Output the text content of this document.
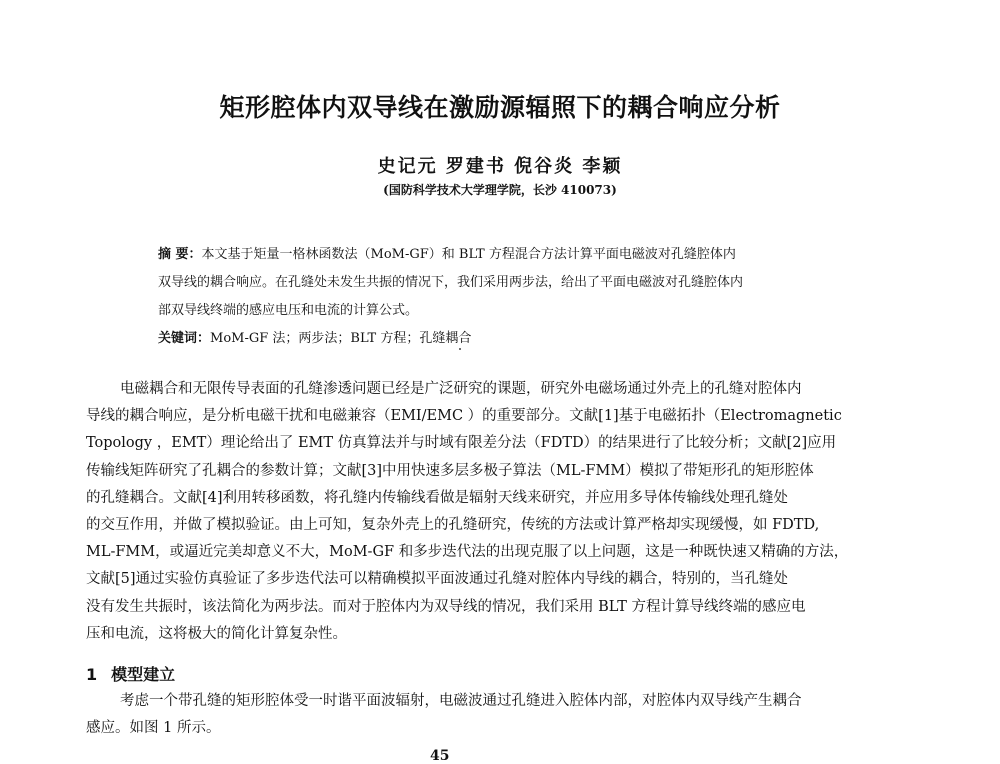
矩形腔体内双导线在激励源辐照下的耦合响应分析
史记元 罗建书 倪谷炎 李颖
(国防科学技术大学理学院，长沙 410073)
摘 要：本文基于矩量一格林函数法（MoM-GF）和 BLT 方程混合方法计算平面电磁波对孔缝腔体内
双导线的耦合响应。在孔缝处未发生共振的情况下，我们采用两步法，给出了平面电磁波对孔缝腔体内
部双导线终端的感应电压和电流的计算公式。
关键词：MoM-GF 法；两步法；BLT 方程；孔缝耦合
电磁耦合和无限传导表面的孔缝渗透问题已经是广泛研究的课题，研究外电磁场通过外壳上的孔缝对腔体内
导线的耦合响应，是分析电磁干扰和电磁兼容（EMI/EMC ）的重要部分。文献[1]基于电磁拓扑（Electromagnetic
Topology ，EMT）理论给出了 EMT 仿真算法并与时域有限差分法（FDTD）的结果进行了比较分析；文献[2]应用
传输线矩阵研究了孔耦合的参数计算；文献[3]中用快速多层多极子算法（ML-FMM）模拟了带矩形孔的矩形腔体
的孔缝耦合。文献[4]利用转移函数，将孔缝内传输线看做是辐射天线来研究，并应用多导体传输线处理孔缝处
的交互作用，并做了模拟验证。由上可知，复杂外壳上的孔缝研究，传统的方法或计算严格却实现缓慢，如 FDTD,
ML-FMM，或逼近完美却意义不大，MoM-GF 和多步迭代法的出现克服了以上问题，这是一种既快速又精确的方法，
文献[5]通过实验仿真验证了多步迭代法可以精确模拟平面波通过孔缝对腔体内导线的耦合，特别的，当孔缝处
没有发生共振时，该法简化为两步法。而对于腔体内为双导线的情况，我们采用 BLT 方程计算导线终端的感应电
压和电流，这将极大的简化计算复杂性。
1 模型建立
考虑一个带孔缝的矩形腔体受一时谐平面波辐射，电磁波通过孔缝进入腔体内部，对腔体内双导线产生耦合
感应。如图 1 所示。
45
